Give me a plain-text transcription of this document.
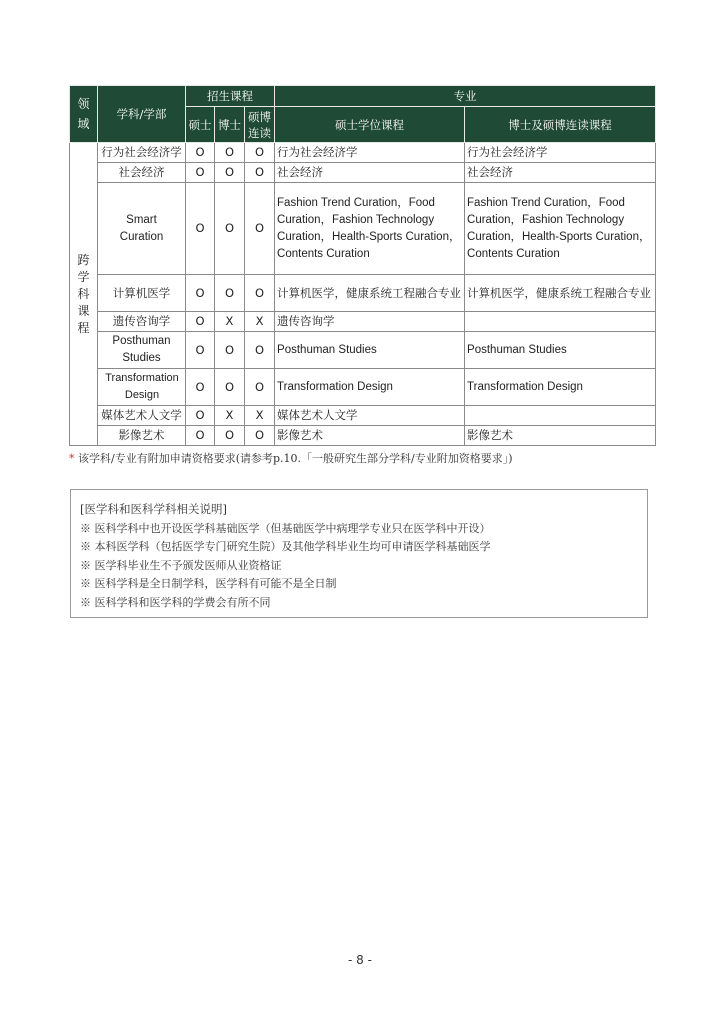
领域	学科/学部	招生课程			专业	
		硕士	博士	硕博连读	硕士学位课程	博士及硕博连读课程
跨学科课程	行为社会经济学	O	O	O	行为社会经济学	行为社会经济学
	社会经济	O	O	O	社会经济	社会经济
	Smart Curation	O	O	O	Fashion Trend Curation，Food Curation，Fashion Technology Curation，Health-Sports Curation，Contents Curation	Fashion Trend Curation，Food Curation，Fashion Technology Curation，Health-Sports Curation，Contents Curation
	计算机医学	O	O	O	计算机医学，健康系统工程融合专业	计算机医学，健康系统工程融合专业
	遗传咨询学	O	X	X	遗传咨询学	
	Posthuman Studies	O	O	O	Posthuman Studies	Posthuman Studies
	Transformation Design	O	O	O	Transformation Design	Transformation Design
	媒体艺术人文学	O	X	X	媒体艺术人文学	
	影像艺术	O	O	O	影像艺术	影像艺术
* 该学科/专业有附加申请资格要求(请参考p.10.「一般研究生部分学科/专业附加资格要求」)
[医学科和医科学科相关说明]
※ 医科学科中也开设医学科基础医学（但基础医学中病理学专业只在医学科中开设）
※ 本科医学科（包括医学专门研究生院）及其他学科毕业生均可申请医学科基础医学
※ 医学科毕业生不予颁发医师从业资格证
※ 医科学科是全日制学科，医学科有可能不是全日制
※ 医科学科和医学科的学费会有所不同
- 8 -
